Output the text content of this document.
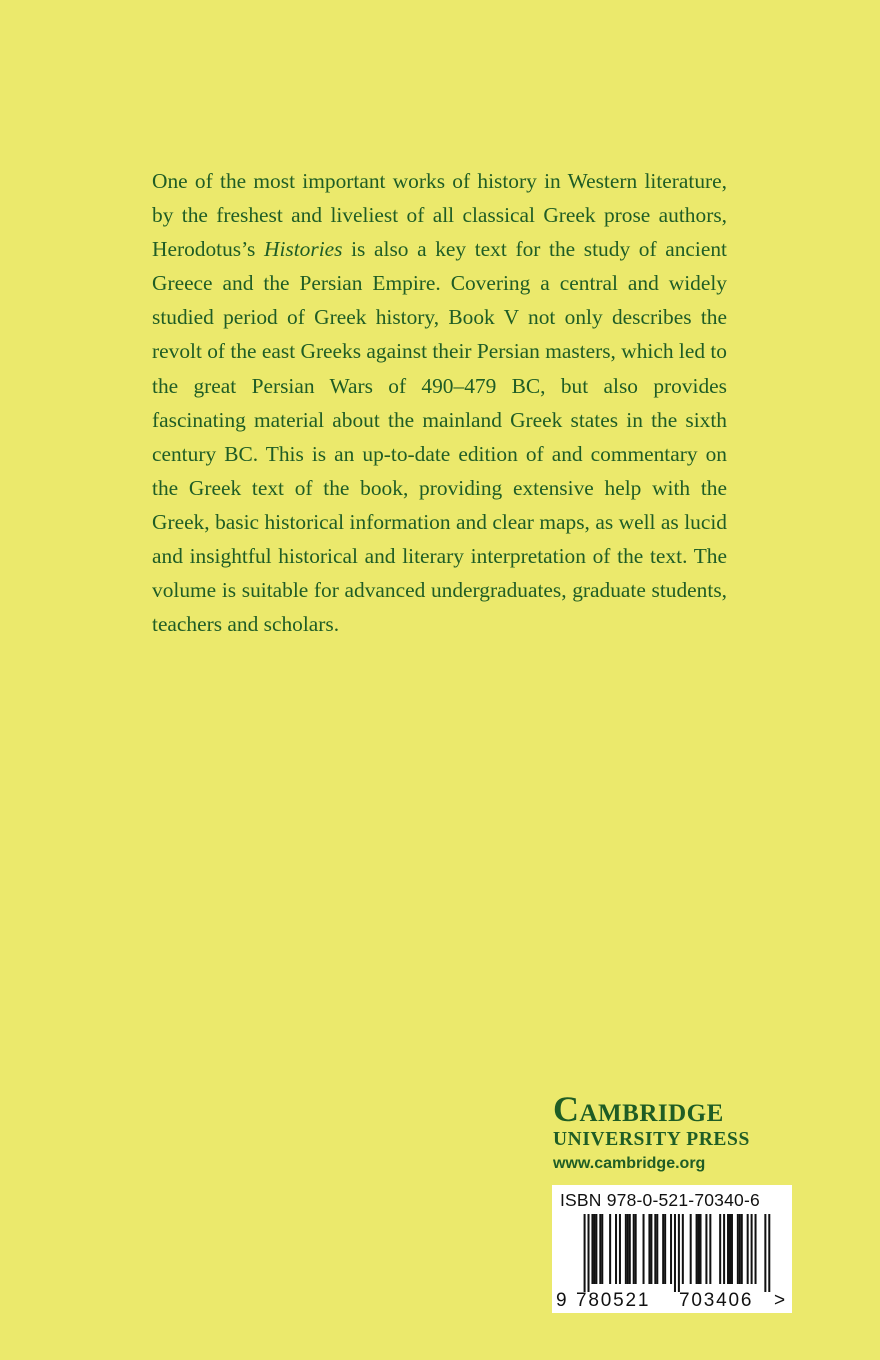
One of the most important works of history in Western literature, by the freshest and liveliest of all classical Greek prose authors, Herodotus’s Histories is also a key text for the study of ancient Greece and the Persian Empire. Covering a central and widely studied period of Greek history, Book V not only describes the revolt of the east Greeks against their Persian masters, which led to the great Persian Wars of 490–479 BC, but also provides fascinating material about the mainland Greek states in the sixth century BC. This is an up-to-date edition of and commentary on the Greek text of the book, providing extensive help with the Greek, basic historical information and clear maps, as well as lucid and insightful historical and literary interpretation of the text. The volume is suitable for advanced undergraduates, graduate students, teachers and scholars.
Cambridge
UNIVERSITY PRESS
www.cambridge.org
ISBN 978-0-521-70340-6
9 780521 703406 >
